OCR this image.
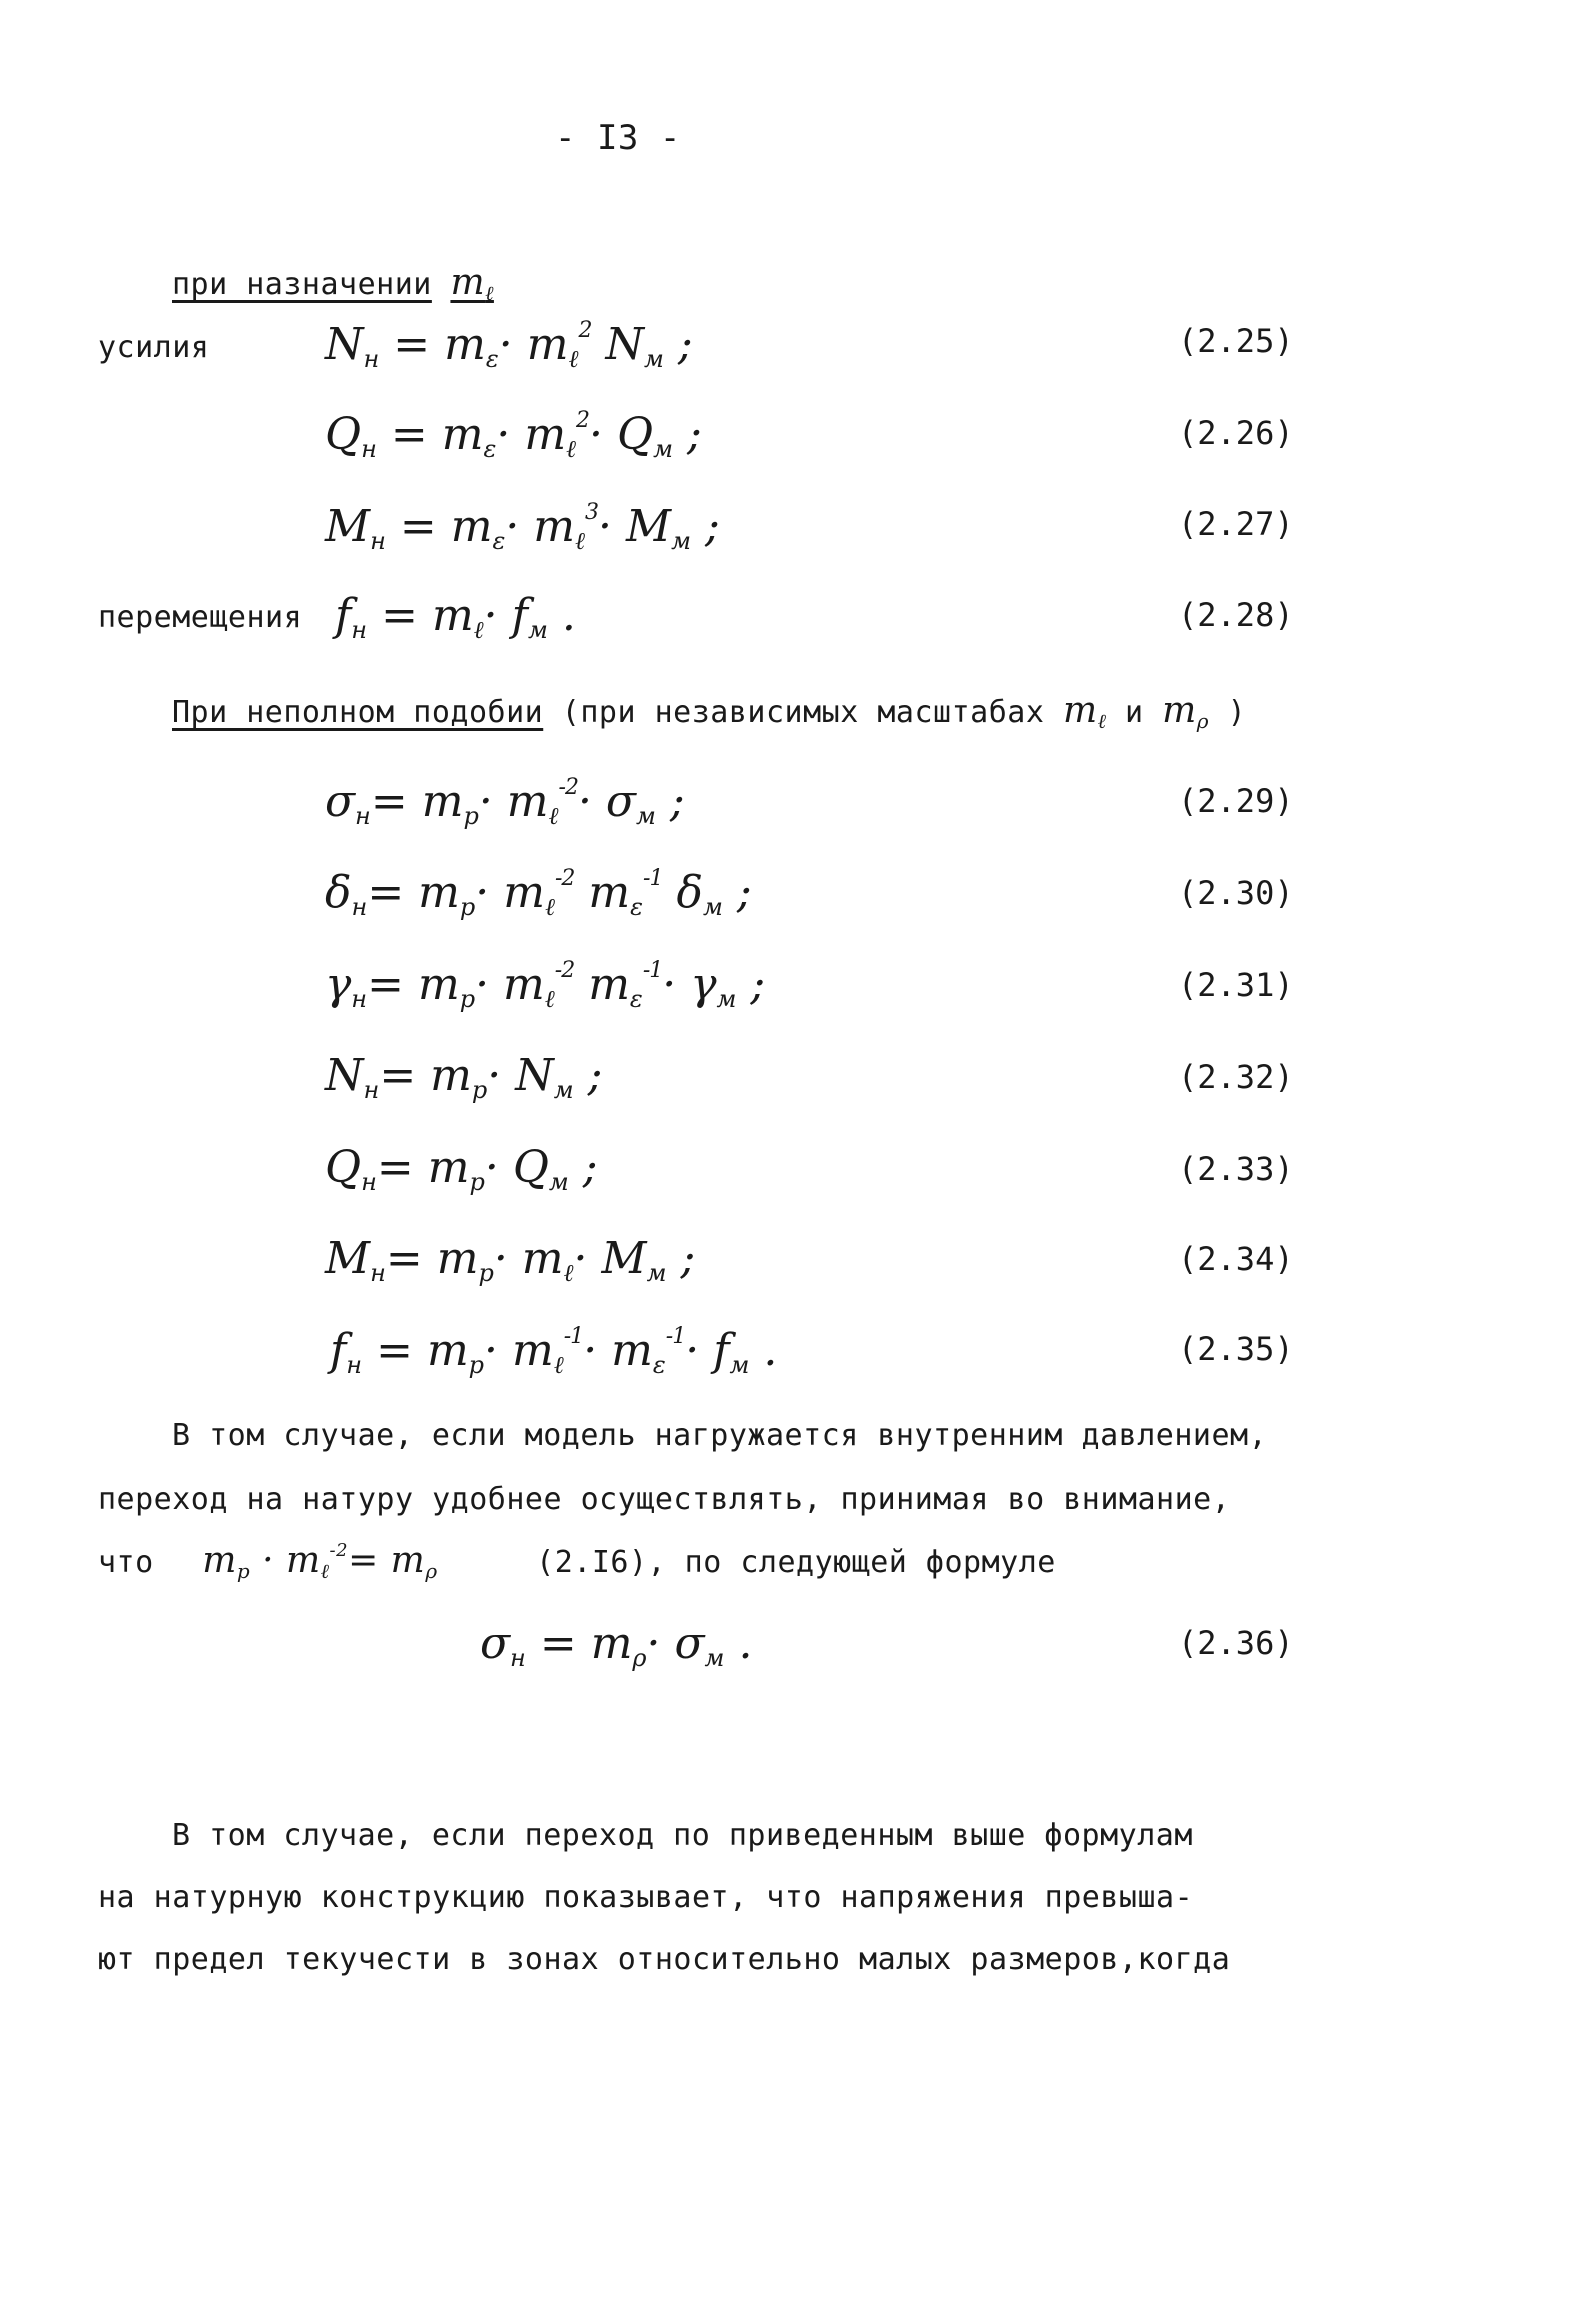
- I3 -
при назначении $m_\ell$
усилия	$N_н = m_\varepsilon\cdot m_\ell^2$ $N_м$ ;	(2.25)
$Q_н = m_\varepsilon\cdot m_\ell^2\cdot Q_м$ ;	(2.26)
$M_н = m_\varepsilon\cdot m_\ell^3\cdot M_м$ ;	(2.27)
перемещения $f_н = m_\ell\cdot f_м$ .	(2.28)
При неполном подобии (при независимых масштабах $m_\ell$ и $m_\rho$ )
$\sigma_н= m_p\cdot m_\ell^{-2}\cdot \sigma_м$ ;	(2.29)
$\delta_н= m_p\cdot m_\ell^{-2}$ $m_\varepsilon^{-1}$ $\delta_м$ ;	(2.30)
$\gamma_н= m_p\cdot m_\ell^{-2}$ $m_\varepsilon^{-1}\cdot \gamma_м$ ;	(2.31)
$N_н= m_p\cdot N_м$ ;	(2.32)
$Q_н= m_p\cdot Q_м$ ;	(2.33)
$M_н= m_p\cdot m_\ell\cdot M_м$ ;	(2.34)
$f_н = m_p\cdot m_\ell^{-1}\cdot m_\varepsilon^{-1}\cdot f_м$ .	(2.35)
В том случае, если модель нагружается внутренним давлением,
переход на натуру удобнее осуществлять, принимая во внимание,
что $m_p \cdot m_\ell^{-2}= m_\rho$	(2.I6), по следующей формуле
$\sigma_н = m_\rho\cdot \sigma_м$ .	(2.36)
В том случае, если переход по приведенным выше формулам
на натурную конструкцию показывает, что напряжения превыша-
ют предел текучести в зонах относительно малых размеров,когда
